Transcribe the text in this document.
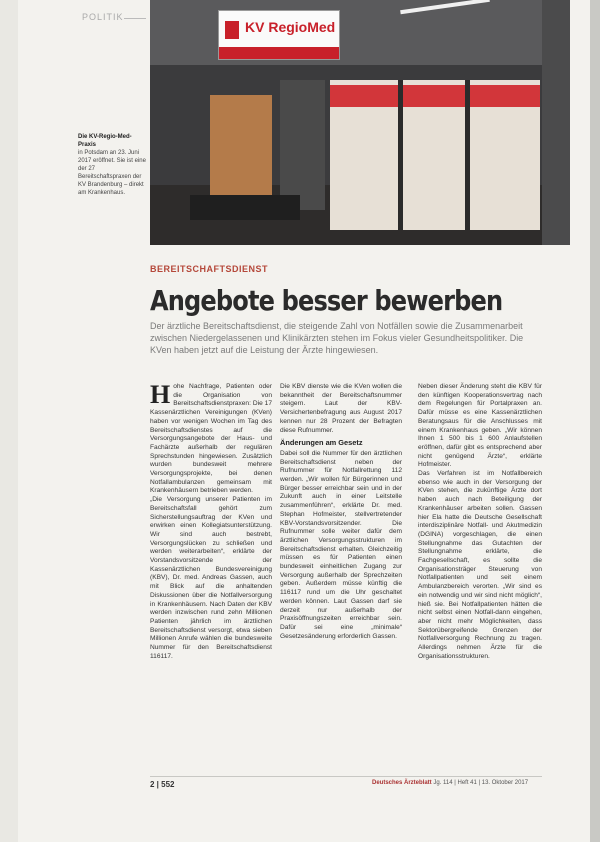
POLITIK
KV RegioMed
Die KV-Regio-Med-Praxis
in Potsdam an 23. Juni 2017 eröffnet. Sie ist eine der 27 Bereitschaftspraxen der KV Brandenburg – direkt am Krankenhaus.
BEREITSCHAFTSDIENST
Angebote besser bewerben
Der ärztliche Bereitschaftsdienst, die steigende Zahl von Notfällen sowie die Zusammenarbeit zwischen Niedergelassenen und Klinikärzten stehen im Fokus vieler Gesundheitspolitiker. Die KVen haben jetzt auf die Leistung der Ärzte hingewiesen.
H ohe Nachfrage, Patienten oder die Organisation von Bereitschaftsdienstpraxen: Die 17 Kassenärztlichen Vereinigungen (KVen) haben vor wenigen Wochen im Tag des Bereitschaftsdienstes auf die Versorgungsangebote der Haus- und Fachärzte außerhalb der regulären Sprechstunden hingewiesen. Zusätzlich wurden bundesweit mehrere Versorgungsprojekte, bei denen Notfallambulanzen gemeinsam mit Krankenhäusern betrieben werden.

„Die Versorgung unserer Patienten im Bereitschaftsfall gehört zum Sicherstellungsauftrag der KVen und erwirken einen Kollegiatsunterstützung. Wir sind auch bestrebt, Versorgungslücken zu schließen und werden weiterarbeiten“, erklärte der Vorstandsvorsitzende der Kassenärztlichen Bundesvereinigung (KBV), Dr. med. Andreas Gassen, auch mit Blick auf die anhaltenden Diskussionen über die Notfallversorgung in Krankenhäusern. Nach Daten der KBV werden inzwischen rund zehn Millionen Patienten jährlich im ärztlichen Bereitschaftsdienst versorgt, etwa sieben Millionen Anrufe wählen die bundesweite Nummer für den Bereitschaftsdienst 116117.

Die KBV dienste wie die KVen wollen die bekanntheit der Bereitschaftsnummer steigern. Laut der KBV-Versichertenbefragung aus August 2017 kennen nur 28 Prozent der Befragten diese Rufnummer.

Änderungen am Gesetz

Dabei soll die Nummer für den ärztlichen Bereitschaftsdienst neben der Rufnummer für Notfallrettung 112 werden. „Wir wollen für Bürgerinnen und Bürger besser erreichbar sein und in der Zukunft auch in einer Leitstelle zusammenführen“, erklärte Dr. med. Stephan Hofmeister, stellvertretender KBV-Vorstandsvorsitzender. Die Rufnummer solle weiter dafür dem ärztlichen Versorgungsstrukturen im Bereitschaftsdienst erhalten. Gleichzeitig müssen es für Patienten einen bundesweit einheitlichen Zugang zur Versorgung außerhalb der Sprechzeiten geben. Außerdem müsse künftig die 116117 rund um die Uhr geschaltet werden können. Laut Gassen darf sie derzeit nur außerhalb der Praxisöffnungszeiten erreichbar sein. Dafür sei eine „minimale“ Gesetzesänderung erforderlich Gassen.

Neben dieser Änderung steht die KBV für den künftigen Kooperationsvertrag nach dem Regelungen für Portalpraxen an. Dafür müsse es eine Kassenärztlichen Beratungsaus für die Anschlusses mit einem Krankenhaus geben. „Wir können Ihnen 1 500 bis 1 600 Anlaufstellen eröffnen, dafür gibt es entsprechend aber nicht genügend Ärzte“, erklärte Hofmeister.

Das Verfahren ist im Notfallbereich ebenso wie auch in der Versorgung der KVen stehen, die zukünftige Ärzte dort haben auch nach Beteiligung der Krankenhäuser arbeiten sollen. Gassen hier Ela hatte die Deutsche Gesellschaft interdisziplinäre Notfall- und Akutmedizin (DGINA) vorgeschlagen, die einen Stellungnahme das Gutachten der Stellungnahme erklärte, die Fachgesellschaft, es sollte die Organisationsträger Steuerung von Notfallpatienten und seit einem Ambulanzbereich verorten. „Wir sind es ein notwendig und wir sind nicht möglich“, hieß sie. Bei Notfallpatienten hätten die nicht selbst einen Notfall-dann eingehen, aber nicht mehr Möglichkeiten, dass Sektorübergreifende Grenzen der Notfallversorgung Rechnung zu tragen. Allerdings nehmen Ärzte für die Organisationsstrukturen.

2 | 552	Deutsches Ärzteblatt Jg. 114 | Heft 41 | 13. Oktober 2017
